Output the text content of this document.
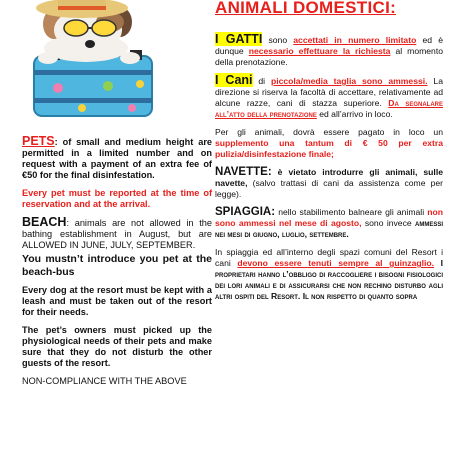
PETS: of small and medium height are permitted in a limited number and on request with a payment of an extra fee of €50 for the final disinfestation.

Every pet must be reported at the time of reservation and at the arrival.

BEACH: animals are not allowed in the bathing establishment in August, but are ALLOWED IN JUNE, JULY, SEPTEMBER.

You mustn’t introduce you pet at the beach-bus

Every dog at the resort must be kept with a leash and must be taken out of the resort for their needs.

The pet’s owners must picked up the physiological needs of their pets and make sure that they do not disturb the other guests of the resort.

NON-COMPLIANCE WITH THE ABOVE

ANIMALI DOMESTICI:

I GATTI sono accettati in numero limitato ed è dunque necessario effettuare la richiesta al momento della prenotazione.

I Cani di piccola/media taglia sono ammessi. La direzione si riserva la facoltà di accettare, relativamente ad alcune razze, cani di stazza superiore. Da segnalare all’atto della prenotazione ed all’arrivo in loco.

Per gli animali, dovrà essere pagato in loco un supplemento una tantum di € 50 per extra pulizia/disinfestazione finale;

NAVETTE: è vietato introdurre gli animali, sulle navette, (salvo trattasi di cani da assistenza come per legge).

SPIAGGIA: nello stabilimento balneare gli animali non sono ammessi nel mese di agosto, sono invece ammessi nei mesi di giugno, luglio, settembre.

In spiaggia ed all’interno degli spazi comuni del Resort i cani devono essere tenuti sempre al guinzaglio. I proprietari hanno l’obbligo di raccogliere i bisogni fisiologici dei lori animali e di assicurarsi che non rechino disturbo agli altri ospiti del Resort. Il non rispetto di quanto sopra
